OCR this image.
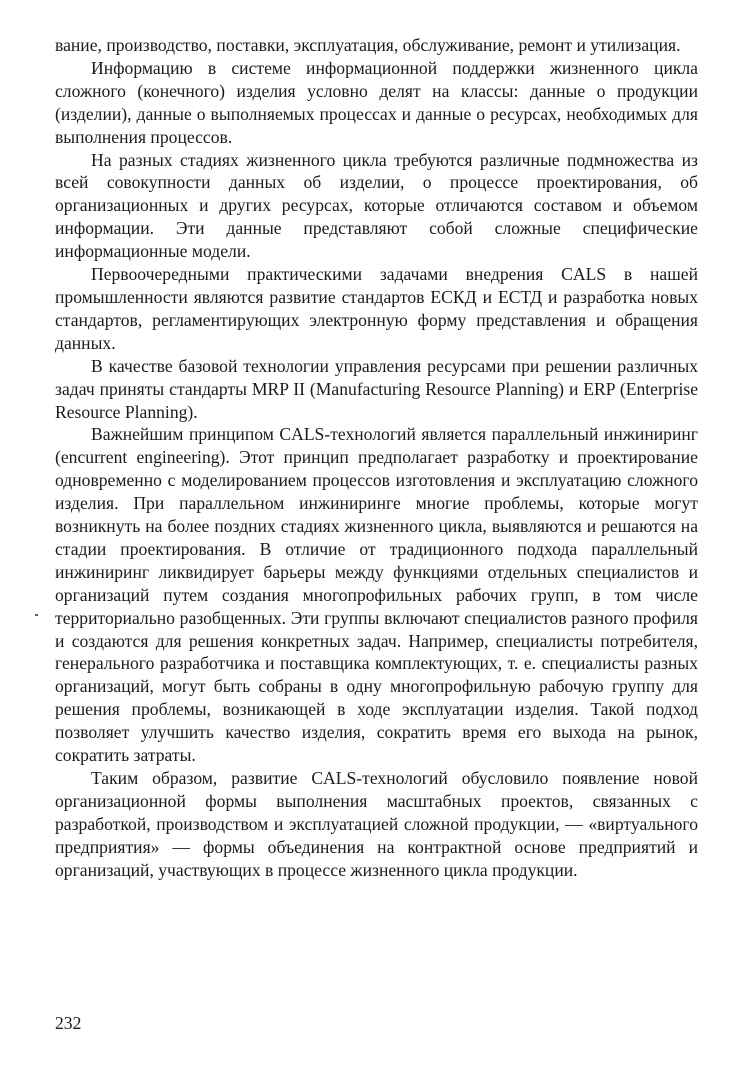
вание, производство, поставки, эксплуатация, обслуживание, ремонт и утилизация.

Информацию в системе информационной поддержки жизненного цикла сложного (конечного) изделия условно делят на классы: данные о продукции (изделии), данные о выполняемых процессах и данные о ресурсах, необходимых для выполнения процессов.

На разных стадиях жизненного цикла требуются различные подмножества из всей совокупности данных об изделии, о процессе проектирования, об организационных и других ресурсах, которые отличаются составом и объемом информации. Эти данные представляют собой сложные специфические информационные модели.

Первоочередными практическими задачами внедрения CALS в нашей промышленности являются развитие стандартов ЕСКД и ЕСТД и разработка новых стандартов, регламентирующих электронную форму представления и обращения данных.

В качестве базовой технологии управления ресурсами при решении различных задач приняты стандарты MRP II (Manufacturing Resource Planning) и ERP (Enterprise Resource Planning).

Важнейшим принципом CALS-технологий является параллельный инжиниринг (encurrent engineering). Этот принцип предполагает разработку и проектирование одновременно с моделированием процессов изготовления и эксплуатацию сложного изделия. При параллельном инжиниринге многие проблемы, которые могут возникнуть на более поздних стадиях жизненного цикла, выявляются и решаются на стадии проектирования. В отличие от традиционного подхода параллельный инжиниринг ликвидирует барьеры между функциями отдельных специалистов и организаций путем создания многопрофильных рабочих групп, в том числе территориально разобщенных. Эти группы включают специалистов разного профиля и создаются для решения конкретных задач. Например, специалисты потребителя, генерального разработчика и поставщика комплектующих, т. е. специалисты разных организаций, могут быть собраны в одну многопрофильную рабочую группу для решения проблемы, возникающей в ходе эксплуатации изделия. Такой подход позволяет улучшить качество изделия, сократить время его выхода на рынок, сократить затраты.

Таким образом, развитие CALS-технологий обусловило появление новой организационной формы выполнения масштабных проектов, связанных с разработкой, производством и эксплуатацией сложной продукции, — «виртуального предприятия» — формы объединения на контрактной основе предприятий и организаций, участвующих в процессе жизненного цикла продукции.

232
